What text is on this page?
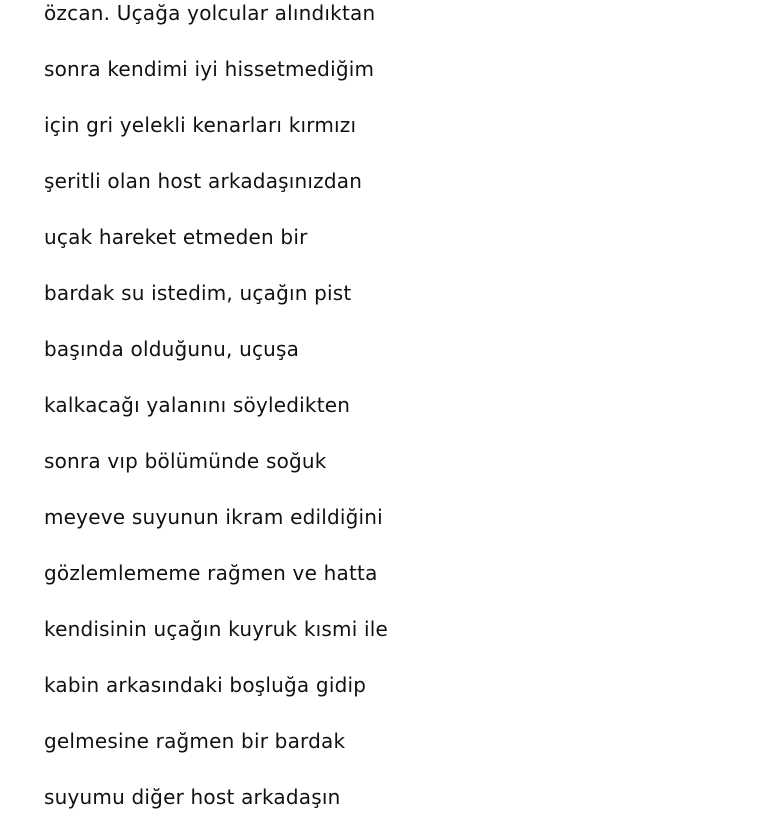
özcan. Uçağa yolcular alındıktan
sonra kendimi iyi hissetmediğim
için gri yelekli kenarları kırmızı
şeritli olan host arkadaşınızdan
uçak hareket etmeden bir
bardak su istedim, uçağın pist
başında olduğunu, uçuşa
kalkacağı yalanını söyledikten
sonra vıp bölümünde soğuk
meyeve suyunun ikram edildiğini
gözlemlememe rağmen ve hatta
kendisinin uçağın kuyruk kısmi ile
kabin arkasındaki boşluğa gidip
gelmesine rağmen bir bardak
suyumu diğer host arkadaşın
